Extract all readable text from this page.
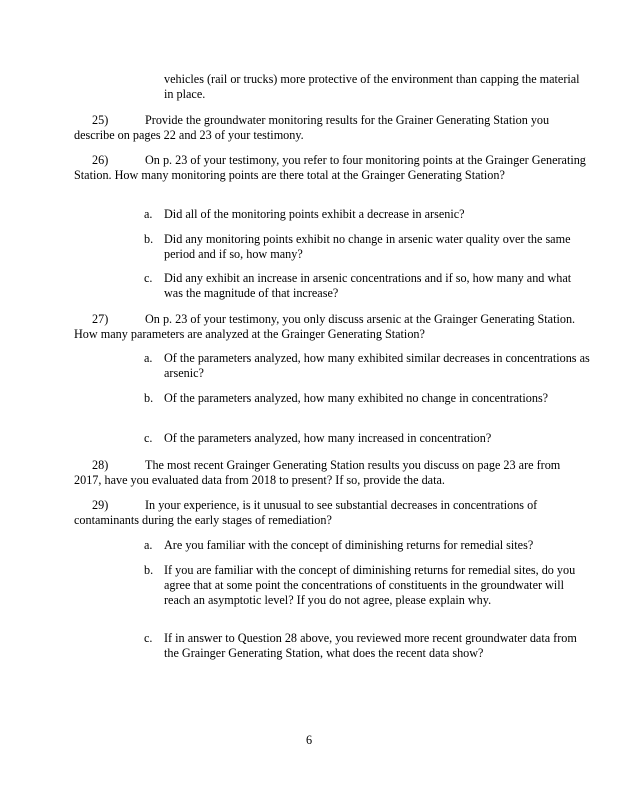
vehicles (rail or trucks) more protective of the environment than capping the material in place.
25)	Provide the groundwater monitoring results for the Grainer Generating Station you describe on pages 22 and 23 of your testimony.
26)	On p. 23 of your testimony, you refer to four monitoring points at the Grainger Generating Station. How many monitoring points are there total at the Grainger Generating Station?
a. Did all of the monitoring points exhibit a decrease in arsenic?
b. Did any monitoring points exhibit no change in arsenic water quality over the same period and if so, how many?
c. Did any exhibit an increase in arsenic concentrations and if so, how many and what was the magnitude of that increase?
27)	On p. 23 of your testimony, you only discuss arsenic at the Grainger Generating Station. How many parameters are analyzed at the Grainger Generating Station?
a. Of the parameters analyzed, how many exhibited similar decreases in concentrations as arsenic?
b. Of the parameters analyzed, how many exhibited no change in concentrations?
c. Of the parameters analyzed, how many increased in concentration?
28)	The most recent Grainger Generating Station results you discuss on page 23 are from 2017, have you evaluated data from 2018 to present? If so, provide the data.
29)	In your experience, is it unusual to see substantial decreases in concentrations of contaminants during the early stages of remediation?
a. Are you familiar with the concept of diminishing returns for remedial sites?
b. If you are familiar with the concept of diminishing returns for remedial sites, do you agree that at some point the concentrations of constituents in the groundwater will reach an asymptotic level? If you do not agree, please explain why.
c. If in answer to Question 28 above, you reviewed more recent groundwater data from the Grainger Generating Station, what does the recent data show?
6
